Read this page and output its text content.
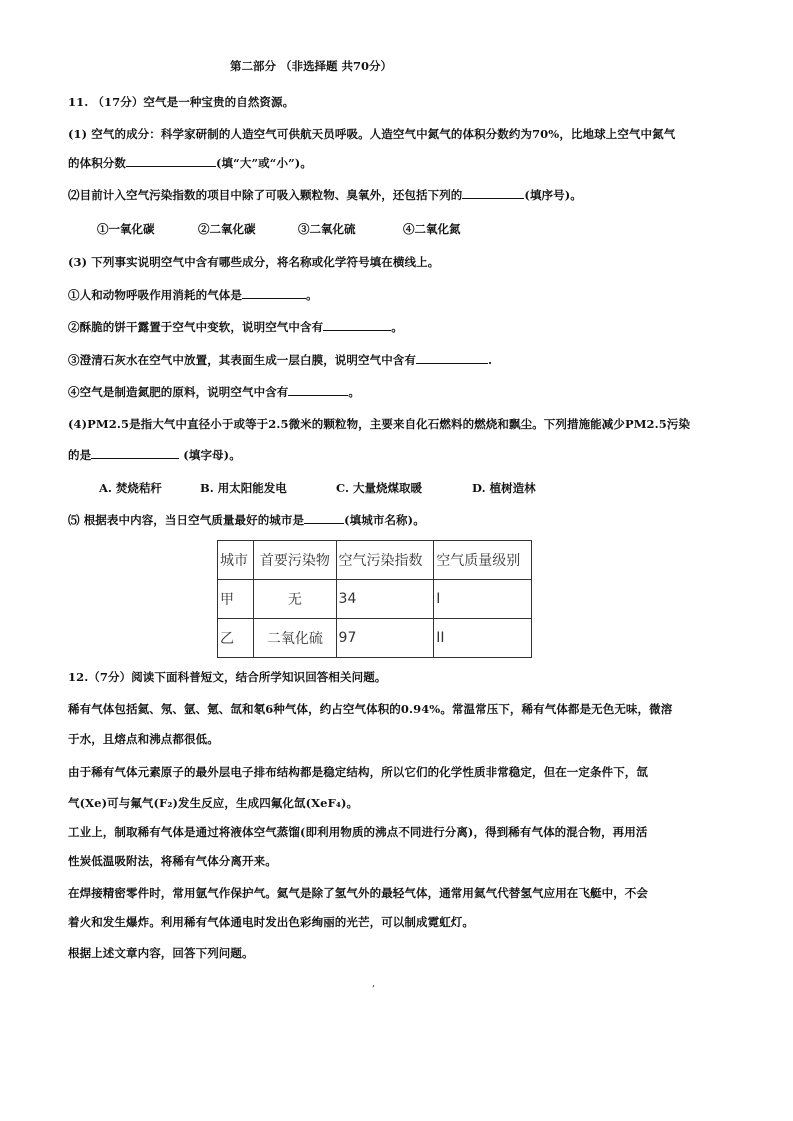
第二部分 （非选择题 共70分）
11. （17分）空气是一种宝贵的自然资源。
(1) 空气的成分：科学家研制的人造空气可供航天员呼吸。人造空气中氮气的体积分数约为70%，比地球上空气中氮气
的体积分数	(填“大”或“小”)。
⑵目前计入空气污染指数的项目中除了可吸入颗粒物、臭氧外，还包括下列的	(填序号)。
①一氧化碳	②二氧化碳	③二氧化硫	④二氧化氮
(3) 下列事实说明空气中含有哪些成分，将名称或化学符号填在横线上。
①人和动物呼吸作用消耗的气体是	。
②酥脆的饼干露置于空气中变软，说明空气中含有	。
③澄清石灰水在空气中放置，其表面生成一层白膜，说明空气中含有	.
④空气是制造氮肥的原料，说明空气中含有	。
(4)PM2.5是指大气中直径小于或等于2.5微米的颗粒物，主要来自化石燃料的燃烧和飘尘。下列措施能减少PM2.5污染
的是	(填字母)。
A. 焚烧秸秆	B. 用太阳能发电	C. 大量烧煤取暖	D. 植树造林
⑸ 根据表中内容，当日空气质量最好的城市是	(填城市名称)。
城市	首要污染物	空气污染指数	空气质量级别
甲	无	34	I
乙	二氧化硫	97	II
12.（7分）阅读下面科普短文，结合所学知识回答相关问题。
稀有气体包括氦、氖、氩、氪、氙和氡6种气体，约占空气体积的0.94%。常温常压下，稀有气体都是无色无味，微溶
于水，且熔点和沸点都很低。
由于稀有气体元素原子的最外层电子排布结构都是稳定结构，所以它们的化学性质非常稳定，但在一定条件下，氙
气(Xe)可与氟气(F₂)发生反应，生成四氟化氙(XeF₄)。
工业上，制取稀有气体是通过将液体空气蒸馏(即利用物质的沸点不同进行分离)，得到稀有气体的混合物，再用活
性炭低温吸附法，将稀有气体分离开来。
在焊接精密零件时，常用氩气作保护气。氦气是除了氢气外的最轻气体，通常用氦气代替氢气应用在飞艇中，不会
着火和发生爆炸。利用稀有气体通电时发出色彩绚丽的光芒，可以制成霓虹灯。
根据上述文章内容，回答下列问题。
,
